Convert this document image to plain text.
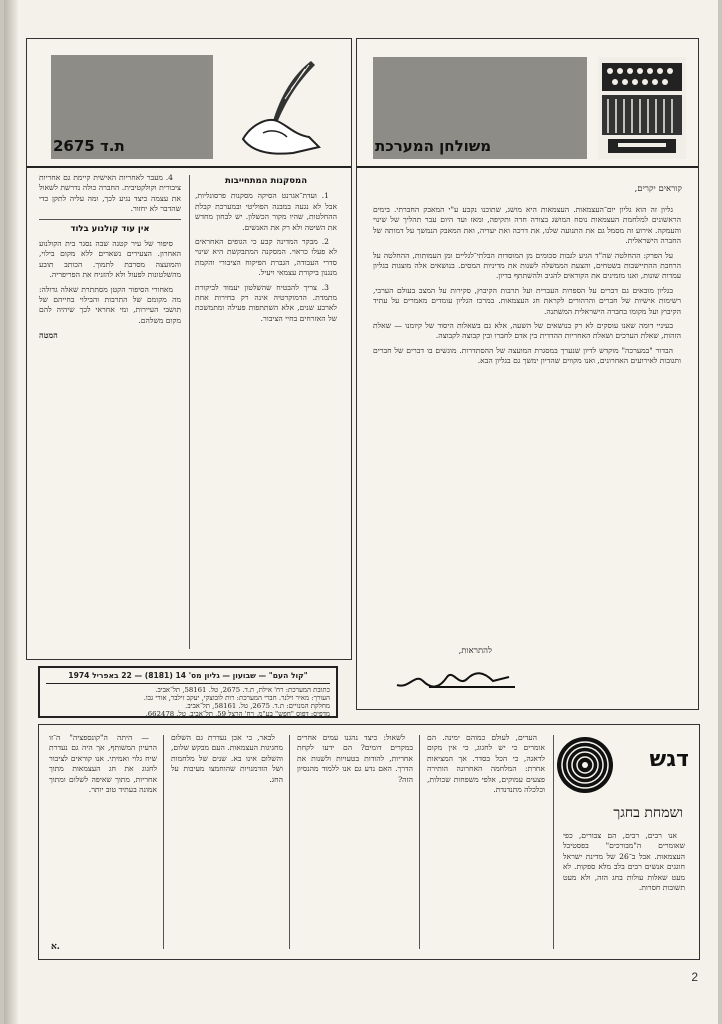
משולחן המערכת
קוראים יקרים,

גליון זה הוא גליון יום־העצמאות. העצמאות היא מושג, שתוכנו נקבע ע"י המאבק החברתי. בימים הראשונים למלחמת העצמאות נוסח המושג בצורה חדה ותקיפה, ומאז ועד היום עבר תהליך של שינוי והעמקה. אירוע זה מסמל גם את התנועה שלנו, את דרכה ואת יעדיה, ואת המאבק הנמשך על דמותה של החברה הישראלית.

על הפרק: ההחלטה שה"ד הגיע לגבות סכומים מן המוסדות הבלתי־לגליים ומן העמותות, ההחלטה על הרחבת ההתיישבות בשטחים, והצעת הממשלה לשנות את מדיניות המסים. בנושאים אלה מוצגות בגליון עמדות שונות, ואנו מזמינים את הקוראים להגיב ולהשתתף בדיון.

בגליון מובאים גם דברים על הספרות העברית ועל תרבות הקיבוץ, סקירות על המצב בעולם הערבי, רשימות אישיות של חברים והרהורים לקראת חג העצמאות. במרכז הגליון עומדים מאמרים על עתיד הקיבוץ ועל מקומו בחברה הישראלית המשתנה.

בעיניי דומה שאנו עוסקים לא רק בנושאים של השעה, אלא גם בשאלות היסוד של קיומנו — שאלת הזהות, שאלת הערכים ושאלת האחריות ההדדית בין אדם לחברו ובין קבוצה לקבוצה.

הבדור "במערכה" מוקדש לדיון שנערך במסגרת המועצה של ההסתדרות. מוגשים בו דברים של חברים ותגובות לאירועים האחרונים, ואנו מקווים שהדיון ימשך גם בגליון הבא.

להתראות,
ת.ד 2675
המסקנות המתחייבות

1. ועדת־אגרנט הסיקה מסקנות פרסונליות, אבל לא נגעה במבנה הפוליטי ובמערכת קבלת ההחלטות, שהיו מקור הכשלון. יש לבחון מחדש את השיטה ולא רק את האנשים.

2. מבקר המדינה קבע כי הגופים האחראים לא פעלו כראוי. המסקנה המתבקשת היא שינוי סדרי העבודה, הגברת הפיקוח הציבורי והקמת מנגנון ביקורת עצמאי ויעיל.

3. צריך להבטיח שהשלטון יעמוד לביקורת מתמדת. הדמוקרטיה אינה רק בחירות אחת לארבע שנים, אלא השתתפות פעילה ומתמשכת של האזרחים בחיי הציבור.

4. מעבר לאחריות האישית קיימת גם אחריות ציבורית וקולקטיבית. החברה כולה נדרשת לשאול את עצמה כיצד נגיע לכך, ומה עליה לתקן כדי שהדבר לא יחזור.

אין עוד קולנוע בלוד

סיפור של עיר קטנה שבה נסגר בית הקולנוע האחרון. הצעירים נשארים ללא מקום בילוי, והמועצה מסרבת לתמוך. הכותב תובע מהשלטונות לפעול ולא להזניח את הפריפריה.

מאחורי הסיפור הקטן מסתתרת שאלה גדולה: מה מקומם של התרבות והבילוי בחייהם של תושבי העיירות, ומי אחראי לכך שיהיה להם מקום משלהם.

המטה
"קול העם" — שבועון — גליון מס' 14 (8181) — 22 באפריל 1974
כתובת המערכת: רח' אילת, ת.ד. 2675, טל. 58161, תל־אביב.
העורך: מאיר וילנר. חברי המערכת: רות לובוצקי, יעקב זילבר, אורי גבו.
מחלקת המנויים: ת.ד. 2675, טל. 58161, תל־אביב.
מדפיס: דפוס "חפש" בע"מ, רח' הרצל 59, תל־אביב, טל. 662478.
דגש
ושמחת בחגך

אנו רבים, רבים, הם צבורים, כפי שאומרים ה"מבורכים" בפסטיבל העצמאות. אבל ב־26 של מדינת ישראל חוגגים אנשים רבים בלב מלא ספקות. לא מעט שאלות עולות בחג הזה, ולא מעט תשובות חסרות.

העדים, לעולם כמוהם ימינה. הם אומרים כי יש לחגוג, כי אין מקום לדאגה, כי הכל בסדר. אך המציאות אחרת: המלחמה האחרונה הותירה פצעים עמוקים, אלפי משפחות שכולות, וכלכלה מתנדנדת.

לשאול: כיצד נהגנו עמים אחרים במקרים דומים? הם ידעו לקחת אחריות, להודות בטעויות ולשנות את הדרך. האם נדע גם אנו ללמוד מהנסיון הזה?

לבאר, כי אכן נעדרת גם השלום מחגיגות העצמאות. העם מבקש שלום, והשלום אינו בא. שנים של מלחמות ושל הזדמנויות שהוחמצו מעיבות על החג.

— היתה ה"קונספציה" ה־זו הרעיון המשותף, אך היה גם נעדרת שיח גלוי ואמיתי. אנו קוראים לציבור לחגוג את חג העצמאות מתוך אחריות, מתוך שאיפה לשלום ומתוך אמונה בעתיד טוב יותר.

א.
2
